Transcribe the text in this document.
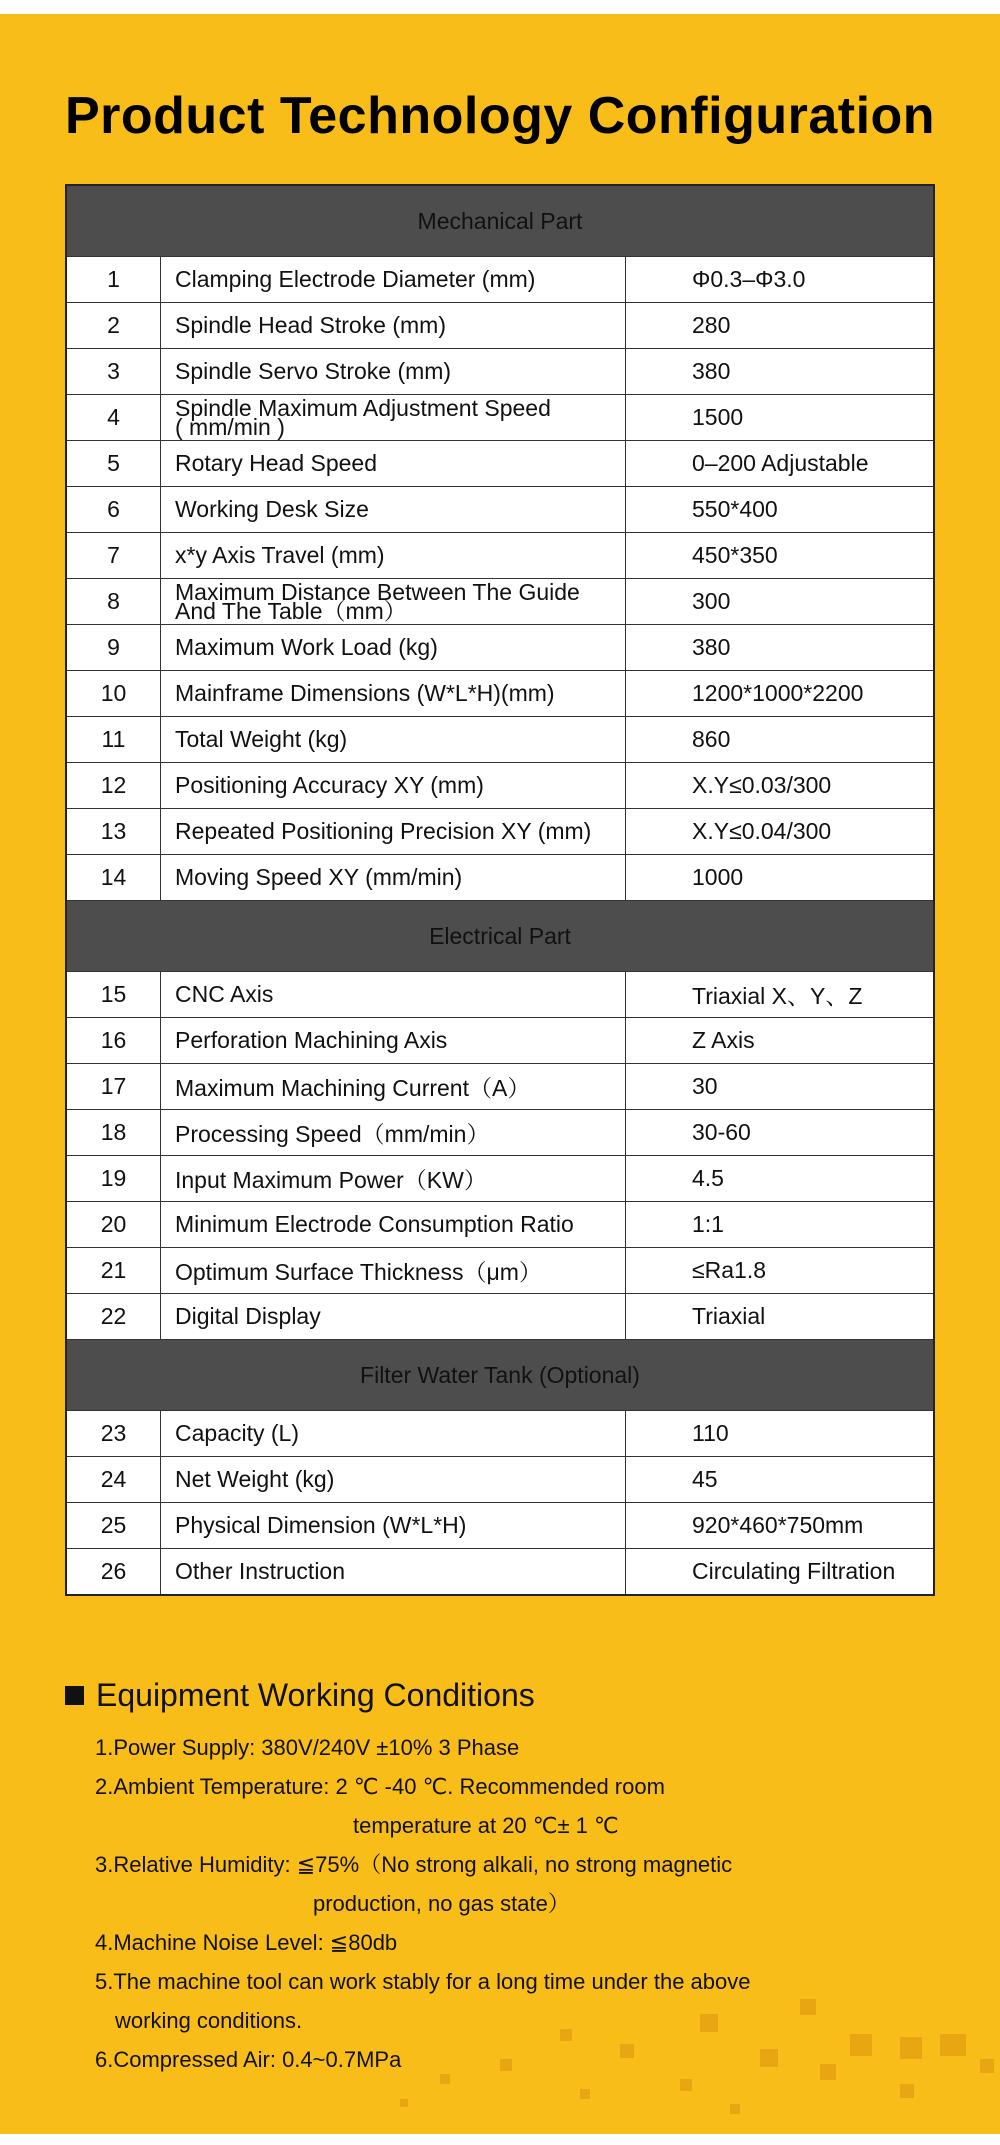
Product Technology Configuration
Mechanical Part		
1	Clamping Electrode Diameter (mm)	Φ0.3–Φ3.0
2	Spindle Head Stroke (mm)	280
3	Spindle Servo Stroke (mm)	380
4	Spindle Maximum Adjustment Speed
( mm/min )	1500
5	Rotary Head Speed	0–200 Adjustable
6	Working Desk Size	550*400
7	x*y Axis Travel (mm)	450*350
8	Maximum Distance Between The Guide
And The Table（mm）	300
9	Maximum Work Load (kg)	380
10	Mainframe Dimensions (W*L*H)(mm)	1200*1000*2200
11	Total Weight (kg)	860
12	Positioning Accuracy XY (mm)	X.Y≤0.03/300
13	Repeated Positioning Precision XY (mm)	X.Y≤0.04/300
14	Moving Speed XY (mm/min)	1000
Electrical Part		
15	CNC Axis	Triaxial X、Y、Z
16	Perforation Machining Axis	Z Axis
17	Maximum Machining Current（A）	30
18	Processing Speed（mm/min）	30-60
19	Input Maximum Power（KW）	4.5
20	Minimum Electrode Consumption Ratio	1:1
21	Optimum Surface Thickness（μm）	≤Ra1.8
22	Digital Display	Triaxial
Filter Water Tank (Optional)		
23	Capacity (L)	110
24	Net Weight (kg)	45
25	Physical Dimension (W*L*H)	920*460*750mm
26	Other Instruction	Circulating Filtration
Equipment Working Conditions
1.Power Supply: 380V/240V ±10% 3 Phase
2.Ambient Temperature: 2 ℃ -40 ℃. Recommended room
temperature at 20 ℃± 1 ℃
3.Relative Humidity: ≦75%（No strong alkali, no strong magnetic
production, no gas state）
4.Machine Noise Level: ≦80db
5.The machine tool can work stably for a long time under the above
working conditions.
6.Compressed Air: 0.4~0.7MPa
